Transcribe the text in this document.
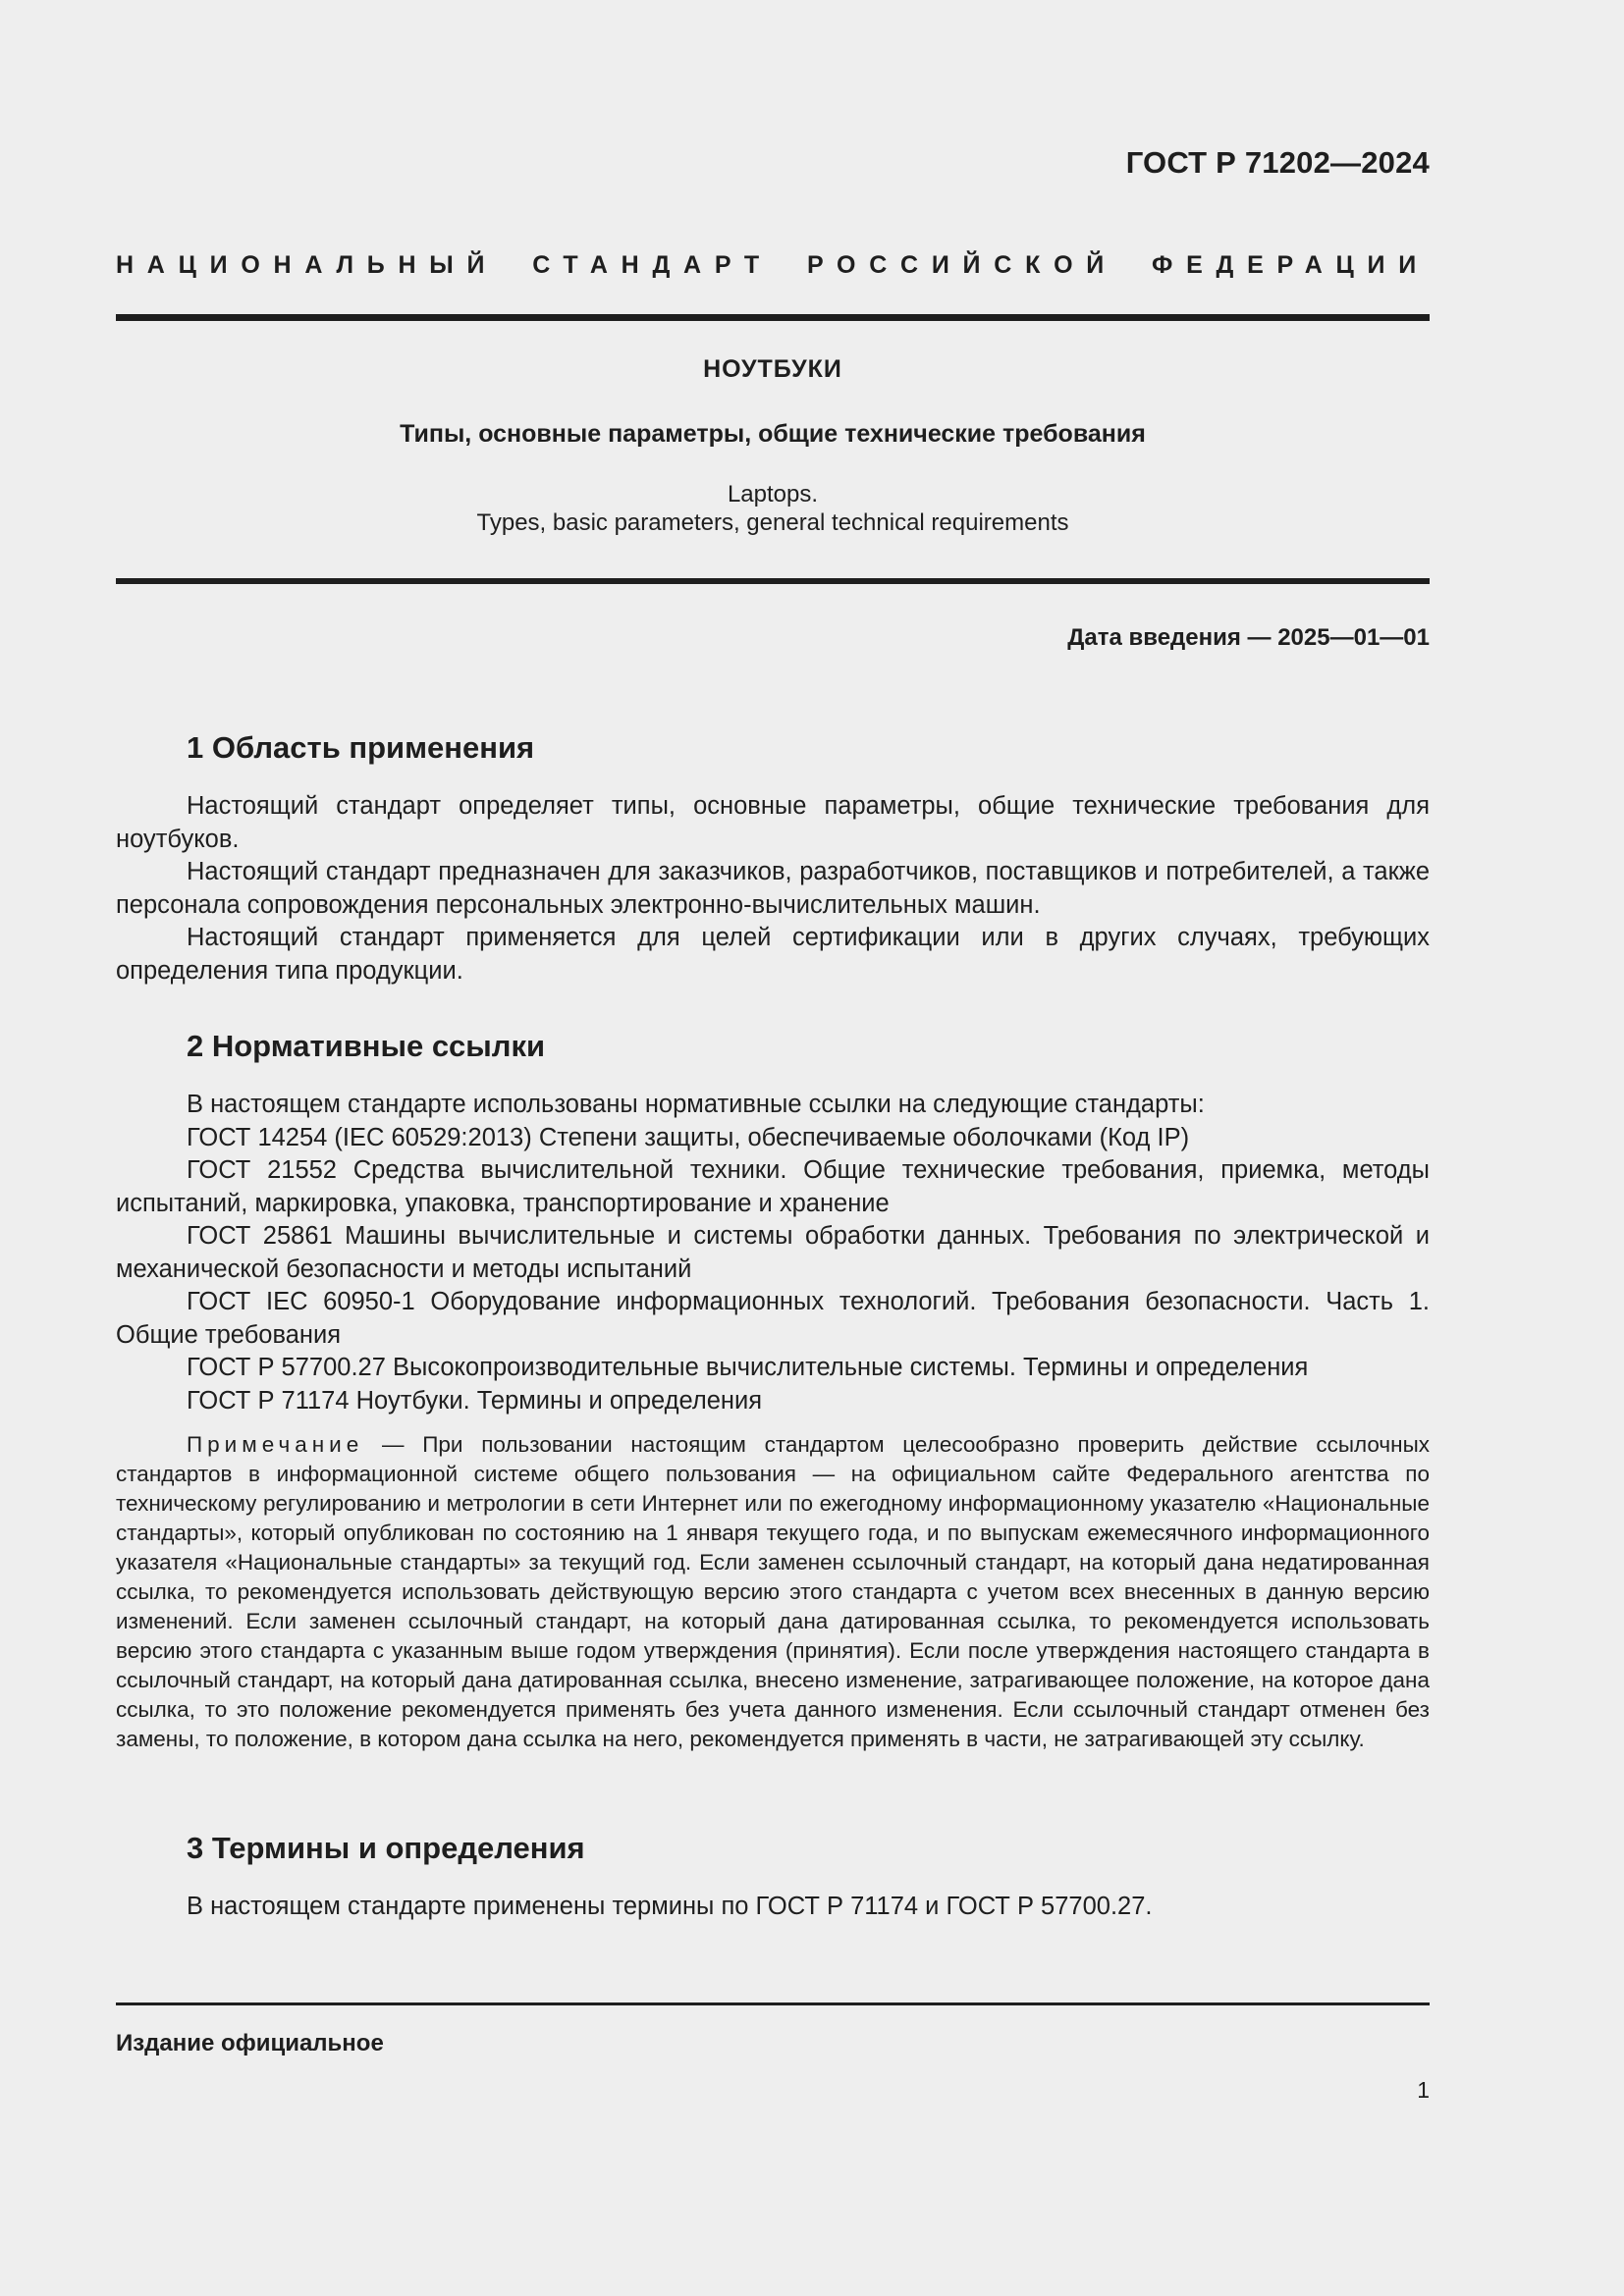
ГОСТ Р 71202—2024
НАЦИОНАЛЬНЫЙ СТАНДАРТ РОССИЙСКОЙ ФЕДЕРАЦИИ
НОУТБУКИ
Типы, основные параметры, общие технические требования
Laptops.
Types, basic parameters, general technical requirements
Дата введения — 2025—01—01
1 Область применения

Настоящий стандарт определяет типы, основные параметры, общие технические требования для ноутбуков.

Настоящий стандарт предназначен для заказчиков, разработчиков, поставщиков и потребителей, а также персонала сопровождения персональных электронно-вычислительных машин.

Настоящий стандарт применяется для целей сертификации или в других случаях, требующих определения типа продукции.

2 Нормативные ссылки

В настоящем стандарте использованы нормативные ссылки на следующие стандарты:

ГОСТ 14254 (IEC 60529:2013) Степени защиты, обеспечиваемые оболочками (Код IP)

ГОСТ 21552 Средства вычислительной техники. Общие технические требования, приемка, методы испытаний, маркировка, упаковка, транспортирование и хранение

ГОСТ 25861 Машины вычислительные и системы обработки данных. Требования по электрической и механической безопасности и методы испытаний

ГОСТ IEC 60950-1 Оборудование информационных технологий. Требования безопасности. Часть 1. Общие требования

ГОСТ Р 57700.27 Высокопроизводительные вычислительные системы. Термины и определения

ГОСТ Р 71174 Ноутбуки. Термины и определения

Примечание — При пользовании настоящим стандартом целесообразно проверить действие ссылочных стандартов в информационной системе общего пользования — на официальном сайте Федерального агентства по техническому регулированию и метрологии в сети Интернет или по ежегодному информационному указателю «Национальные стандарты», который опубликован по состоянию на 1 января текущего года, и по выпускам ежемесячного информационного указателя «Национальные стандарты» за текущий год. Если заменен ссылочный стандарт, на который дана недатированная ссылка, то рекомендуется использовать действующую версию этого стандарта с учетом всех внесенных в данную версию изменений. Если заменен ссылочный стандарт, на который дана датированная ссылка, то рекомендуется использовать версию этого стандарта с указанным выше годом утверждения (принятия). Если после утверждения настоящего стандарта в ссылочный стандарт, на который дана датированная ссылка, внесено изменение, затрагивающее положение, на которое дана ссылка, то это положение рекомендуется применять без учета данного изменения. Если ссылочный стандарт отменен без замены, то положение, в котором дана ссылка на него, рекомендуется применять в части, не затрагивающей эту ссылку.
3 Термины и определения

В настоящем стандарте применены термины по ГОСТ Р 71174 и ГОСТ Р 57700.27.

Издание официальное
1
